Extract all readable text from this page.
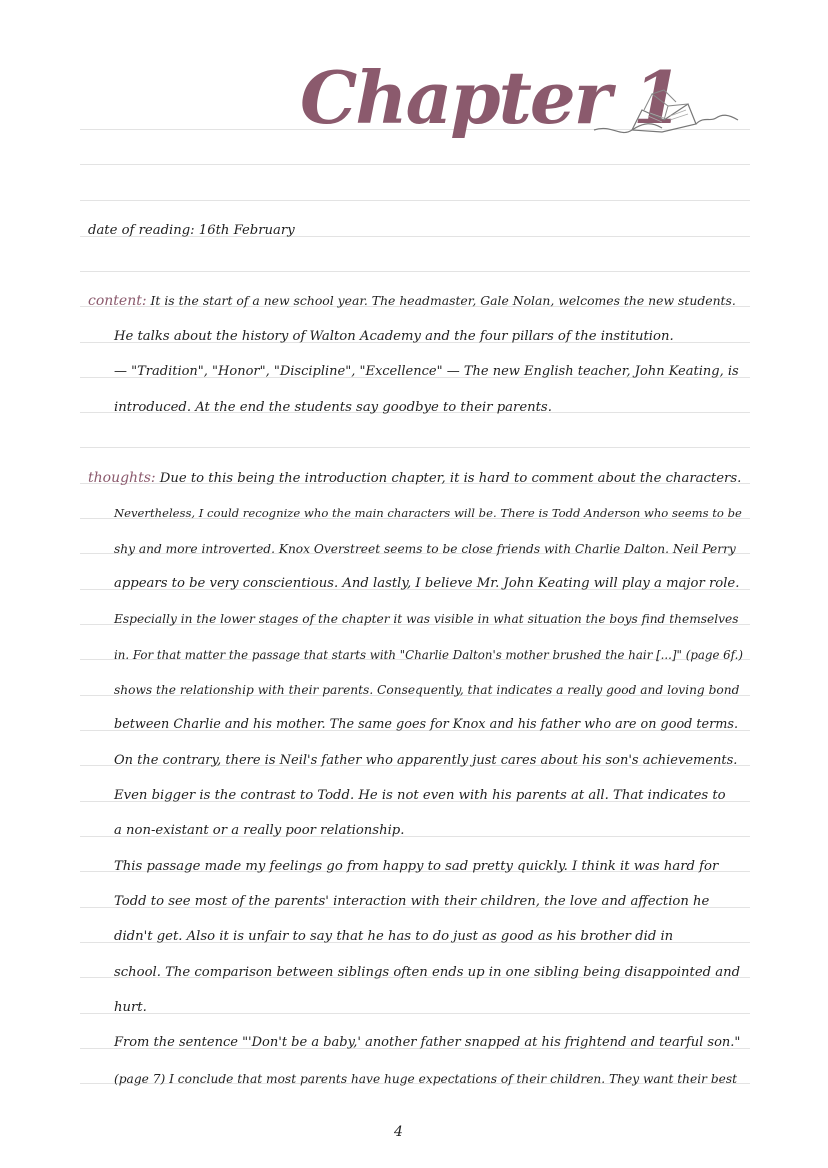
Chapter 1
date of reading: 16th February
content: It is the start of a new school year. The headmaster, Gale Nolan, welcomes the new students.
He talks about the history of Walton Academy and the four pillars of the institution.
— "Tradition", "Honor", "Discipline", "Excellence" — The new English teacher, John Keating, is
introduced. At the end the students say goodbye to their parents.
thoughts: Due to this being the introduction chapter, it is hard to comment about the characters.
Nevertheless, I could recognize who the main characters will be. There is Todd Anderson who seems to be
shy and more introverted. Knox Overstreet seems to be close friends with Charlie Dalton. Neil Perry
appears to be very conscientious. And lastly, I believe Mr. John Keating will play a major role.
Especially in the lower stages of the chapter it was visible in what situation the boys find themselves
in. For that matter the passage that starts with "Charlie Dalton's mother brushed the hair [...]" (page 6f.)
shows the relationship with their parents. Consequently, that indicates a really good and loving bond
between Charlie and his mother. The same goes for Knox and his father who are on good terms.
On the contrary, there is Neil's father who apparently just cares about his son's achievements.
Even bigger is the contrast to Todd. He is not even with his parents at all. That indicates to
a non-existant or a really poor relationship.
This passage made my feelings go from happy to sad pretty quickly. I think it was hard for
Todd to see most of the parents' interaction with their children, the love and affection he
didn't get. Also it is unfair to say that he has to do just as good as his brother did in
school. The comparison between siblings often ends up in one sibling being disappointed and
hurt.
From the sentence "'Don't be a baby,' another father snapped at his frightend and tearful son."
(page 7) I conclude that most parents have huge expectations of their children. They want their best
4
